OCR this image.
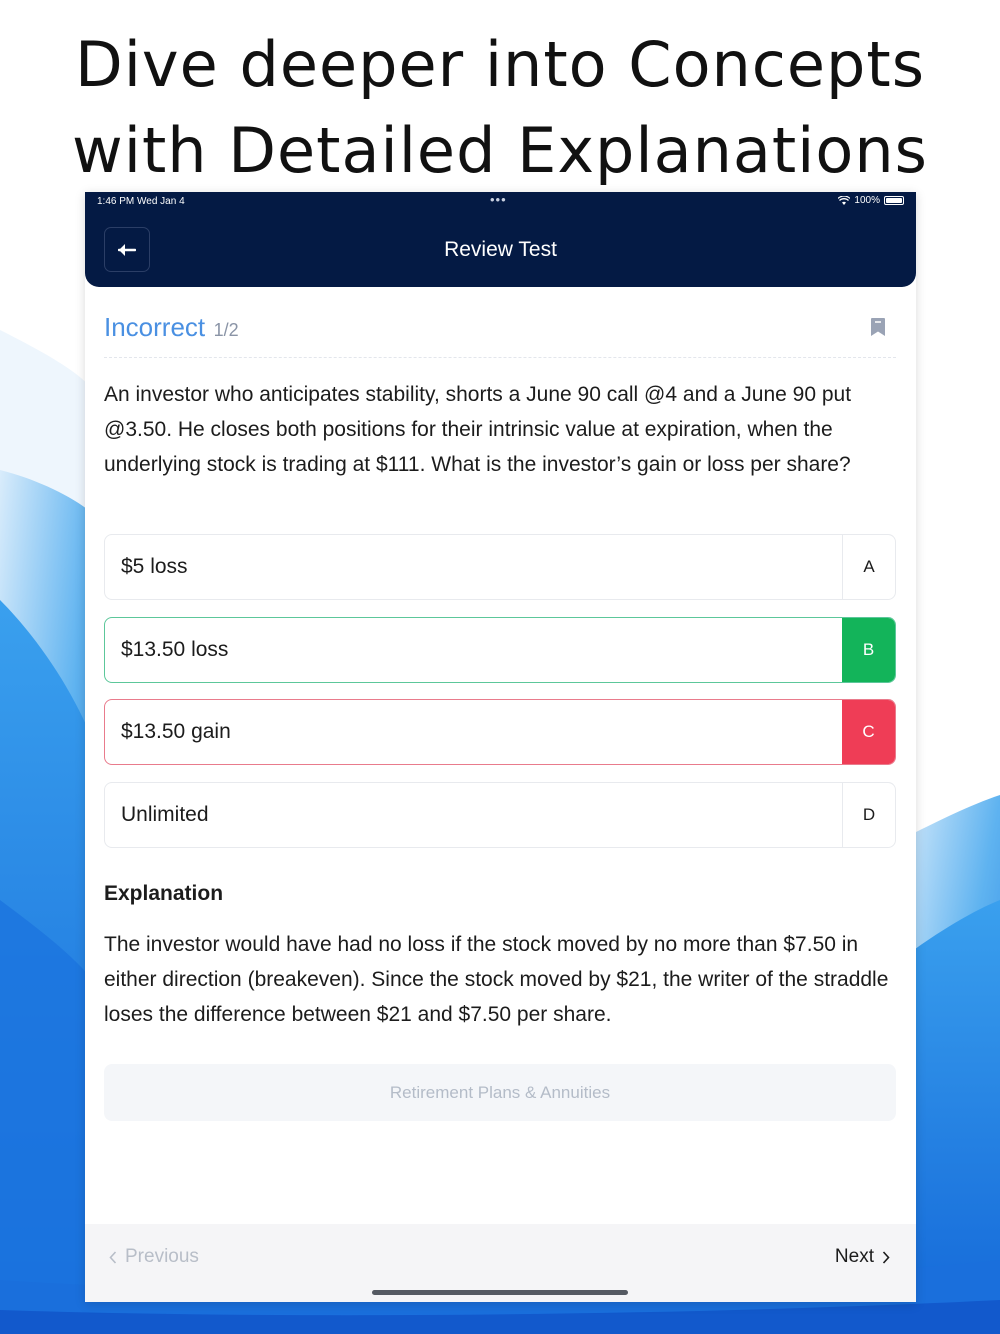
Dive deeper into Concepts
with Detailed Explanations
1:46 PM Wed Jan 4	•••	100%
Review Test
Incorrect 1/2
An investor who anticipates stability, shorts a June 90 call @4 and a June 90 put @3.50. He closes both positions for their intrinsic value at expiration, when the underlying stock is trading at $111. What is the investor’s gain or loss per share?
$5 loss	A
$13.50 loss	B
$13.50 gain	C
Unlimited	D
Explanation
The investor would have had no loss if the stock moved by no more than $7.50 in either direction (breakeven). Since the stock moved by $21, the writer of the straddle loses the difference between $21 and $7.50 per share.
Retirement Plans & Annuities
Previous	Next
